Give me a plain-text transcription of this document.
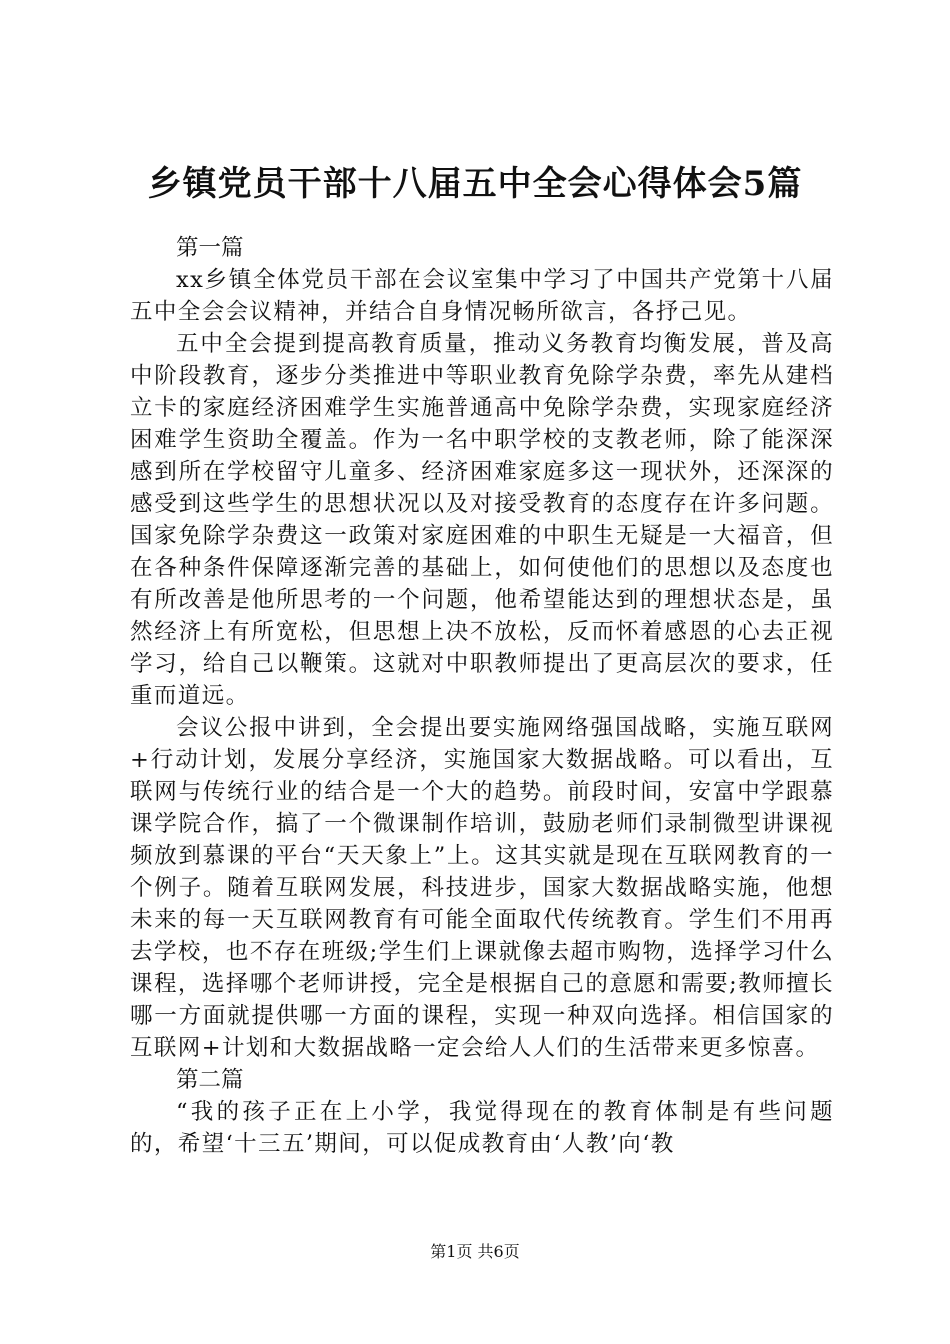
乡镇党员干部十八届五中全会心得体会5篇

第一篇

xx乡镇全体党员干部在会议室集中学习了中国共产党第十八届五中全会会议精神，并结合自身情况畅所欲言，各抒己见。

五中全会提到提高教育质量，推动义务教育均衡发展，普及高中阶段教育，逐步分类推进中等职业教育免除学杂费，率先从建档立卡的家庭经济困难学生实施普通高中免除学杂费，实现家庭经济困难学生资助全覆盖。作为一名中职学校的支教老师，除了能深深感到所在学校留守儿童多、经济困难家庭多这一现状外，还深深的感受到这些学生的思想状况以及对接受教育的态度存在许多问题。国家免除学杂费这一政策对家庭困难的中职生无疑是一大福音，但在各种条件保障逐渐完善的基础上，如何使他们的思想以及态度也有所改善是他所思考的一个问题，他希望能达到的理想状态是，虽然经济上有所宽松，但思想上决不放松，反而怀着感恩的心去正视学习，给自己以鞭策。这就对中职教师提出了更高层次的要求，任重而道远。

会议公报中讲到，全会提出要实施网络强国战略，实施互联网+行动计划，发展分享经济，实施国家大数据战略。可以看出，互联网与传统行业的结合是一个大的趋势。前段时间，安富中学跟慕课学院合作，搞了一个微课制作培训，鼓励老师们录制微型讲课视频放到慕课的平台“天天象上”上。这其实就是现在互联网教育的一个例子。随着互联网发展，科技进步，国家大数据战略实施，他想未来的每一天互联网教育有可能全面取代传统教育。学生们不用再去学校，也不存在班级;学生们上课就像去超市购物，选择学习什么课程，选择哪个老师讲授，完全是根据自己的意愿和需要;教师擅长哪一方面就提供哪一方面的课程，实现一种双向选择。相信国家的互联网+计划和大数据战略一定会给人人们的生活带来更多惊喜。

第二篇

“我的孩子正在上小学，我觉得现在的教育体制是有些问题的，希望‘十三五’期间，可以促成教育由‘人教’向‘教

第1页 共6页
